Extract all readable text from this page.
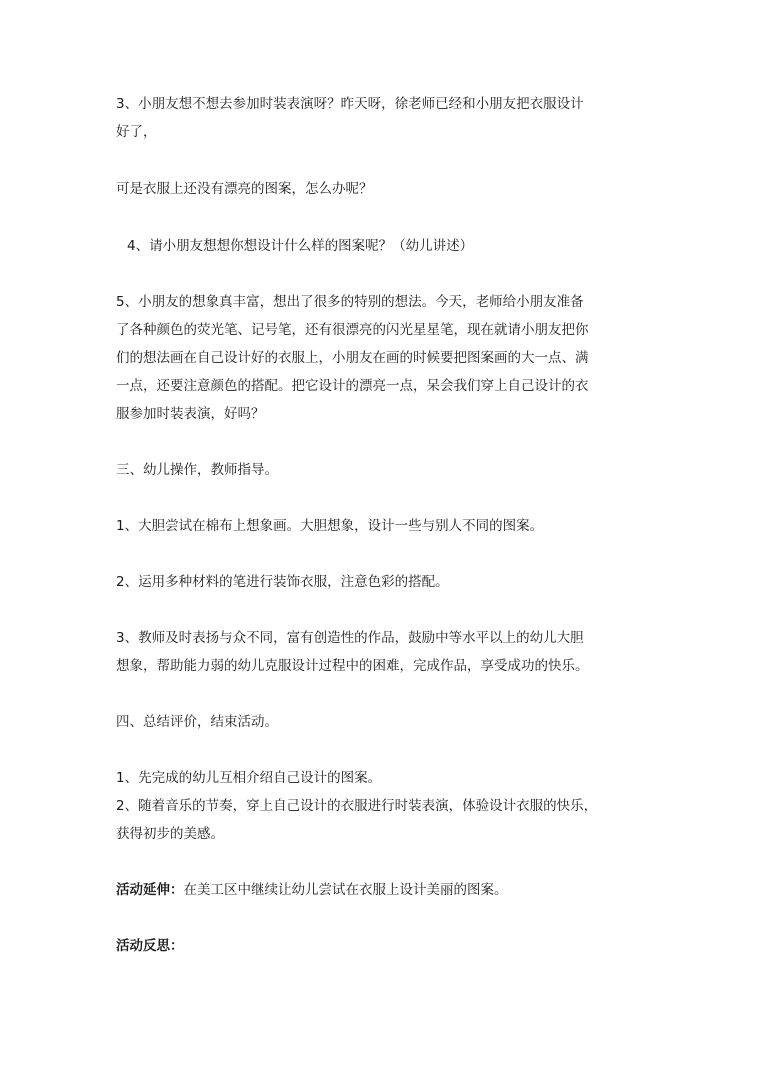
3、小朋友想不想去参加时装表演呀？昨天呀，徐老师已经和小朋友把衣服设计
好了，

可是衣服上还没有漂亮的图案，怎么办呢？

4、请小朋友想想你想设计什么样的图案呢？（幼儿讲述）

5、小朋友的想象真丰富，想出了很多的特别的想法。今天，老师给小朋友准备
了各种颜色的荧光笔、记号笔，还有很漂亮的闪光星星笔，现在就请小朋友把你
们的想法画在自己设计好的衣服上，小朋友在画的时候要把图案画的大一点、满
一点，还要注意颜色的搭配。把它设计的漂亮一点，呆会我们穿上自己设计的衣
服参加时装表演，好吗？

三、幼儿操作，教师指导。

1、大胆尝试在棉布上想象画。大胆想象，设计一些与别人不同的图案。

2、运用多种材料的笔进行装饰衣服，注意色彩的搭配。

3、教师及时表扬与众不同，富有创造性的作品，鼓励中等水平以上的幼儿大胆
想象，帮助能力弱的幼儿克服设计过程中的困难，完成作品，享受成功的快乐。

四、总结评价，结束活动。

1、先完成的幼儿互相介绍自己设计的图案。
2、随着音乐的节奏，穿上自己设计的衣服进行时装表演，体验设计衣服的快乐，
获得初步的美感。

活动延伸：在美工区中继续让幼儿尝试在衣服上设计美丽的图案。

活动反思：
